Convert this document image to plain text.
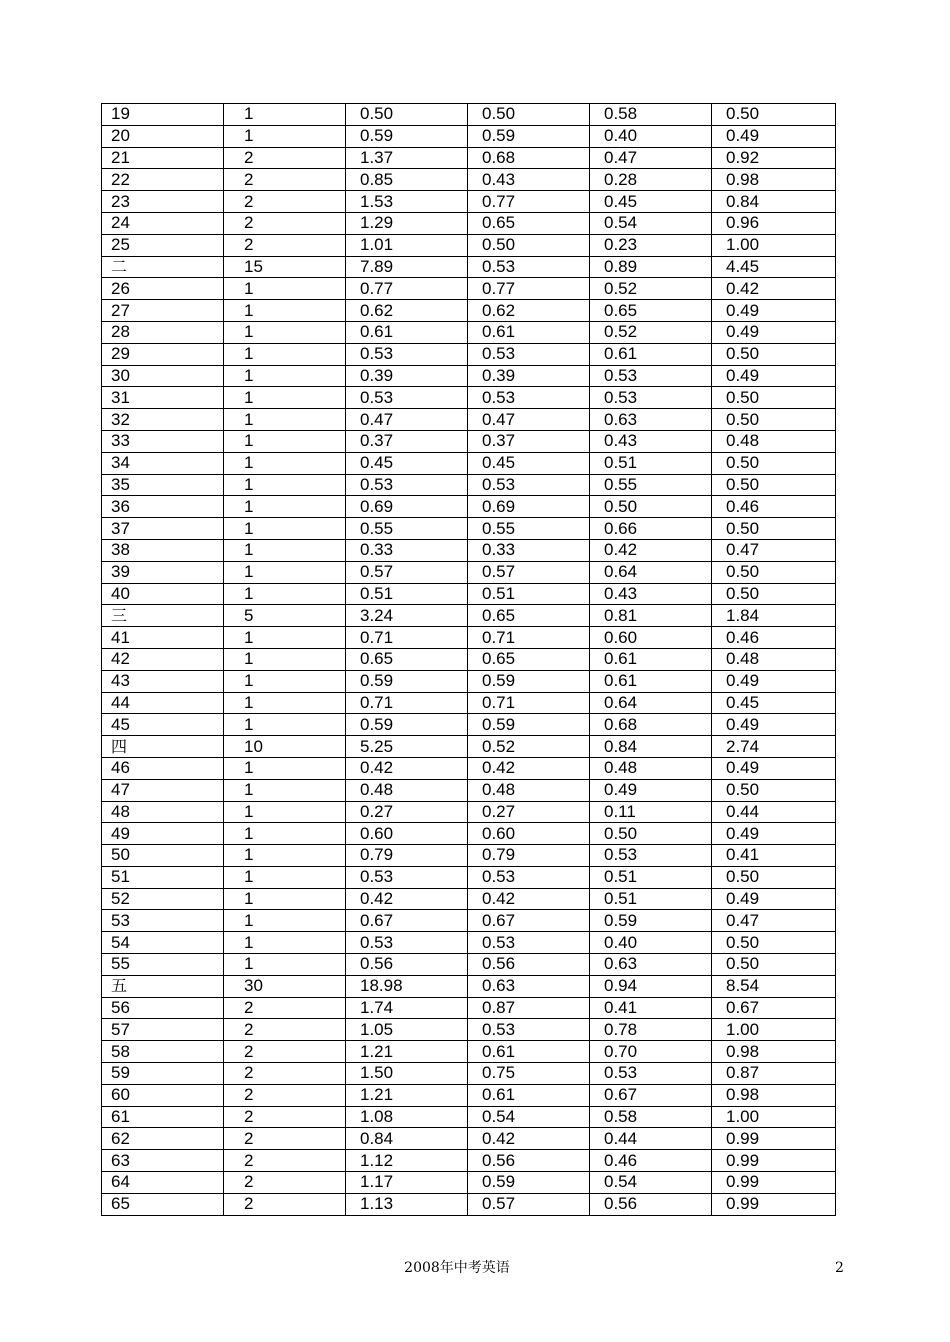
19	1	0.50	0.50	0.58	0.50
20	1	0.59	0.59	0.40	0.49
21	2	1.37	0.68	0.47	0.92
22	2	0.85	0.43	0.28	0.98
23	2	1.53	0.77	0.45	0.84
24	2	1.29	0.65	0.54	0.96
25	2	1.01	0.50	0.23	1.00
二	15	7.89	0.53	0.89	4.45
26	1	0.77	0.77	0.52	0.42
27	1	0.62	0.62	0.65	0.49
28	1	0.61	0.61	0.52	0.49
29	1	0.53	0.53	0.61	0.50
30	1	0.39	0.39	0.53	0.49
31	1	0.53	0.53	0.53	0.50
32	1	0.47	0.47	0.63	0.50
33	1	0.37	0.37	0.43	0.48
34	1	0.45	0.45	0.51	0.50
35	1	0.53	0.53	0.55	0.50
36	1	0.69	0.69	0.50	0.46
37	1	0.55	0.55	0.66	0.50
38	1	0.33	0.33	0.42	0.47
39	1	0.57	0.57	0.64	0.50
40	1	0.51	0.51	0.43	0.50
三	5	3.24	0.65	0.81	1.84
41	1	0.71	0.71	0.60	0.46
42	1	0.65	0.65	0.61	0.48
43	1	0.59	0.59	0.61	0.49
44	1	0.71	0.71	0.64	0.45
45	1	0.59	0.59	0.68	0.49
四	10	5.25	0.52	0.84	2.74
46	1	0.42	0.42	0.48	0.49
47	1	0.48	0.48	0.49	0.50
48	1	0.27	0.27	0.11	0.44
49	1	0.60	0.60	0.50	0.49
50	1	0.79	0.79	0.53	0.41
51	1	0.53	0.53	0.51	0.50
52	1	0.42	0.42	0.51	0.49
53	1	0.67	0.67	0.59	0.47
54	1	0.53	0.53	0.40	0.50
55	1	0.56	0.56	0.63	0.50
五	30	18.98	0.63	0.94	8.54
56	2	1.74	0.87	0.41	0.67
57	2	1.05	0.53	0.78	1.00
58	2	1.21	0.61	0.70	0.98
59	2	1.50	0.75	0.53	0.87
60	2	1.21	0.61	0.67	0.98
61	2	1.08	0.54	0.58	1.00
62	2	0.84	0.42	0.44	0.99
63	2	1.12	0.56	0.46	0.99
64	2	1.17	0.59	0.54	0.99
65	2	1.13	0.57	0.56	0.99
2008年中考英语	2
